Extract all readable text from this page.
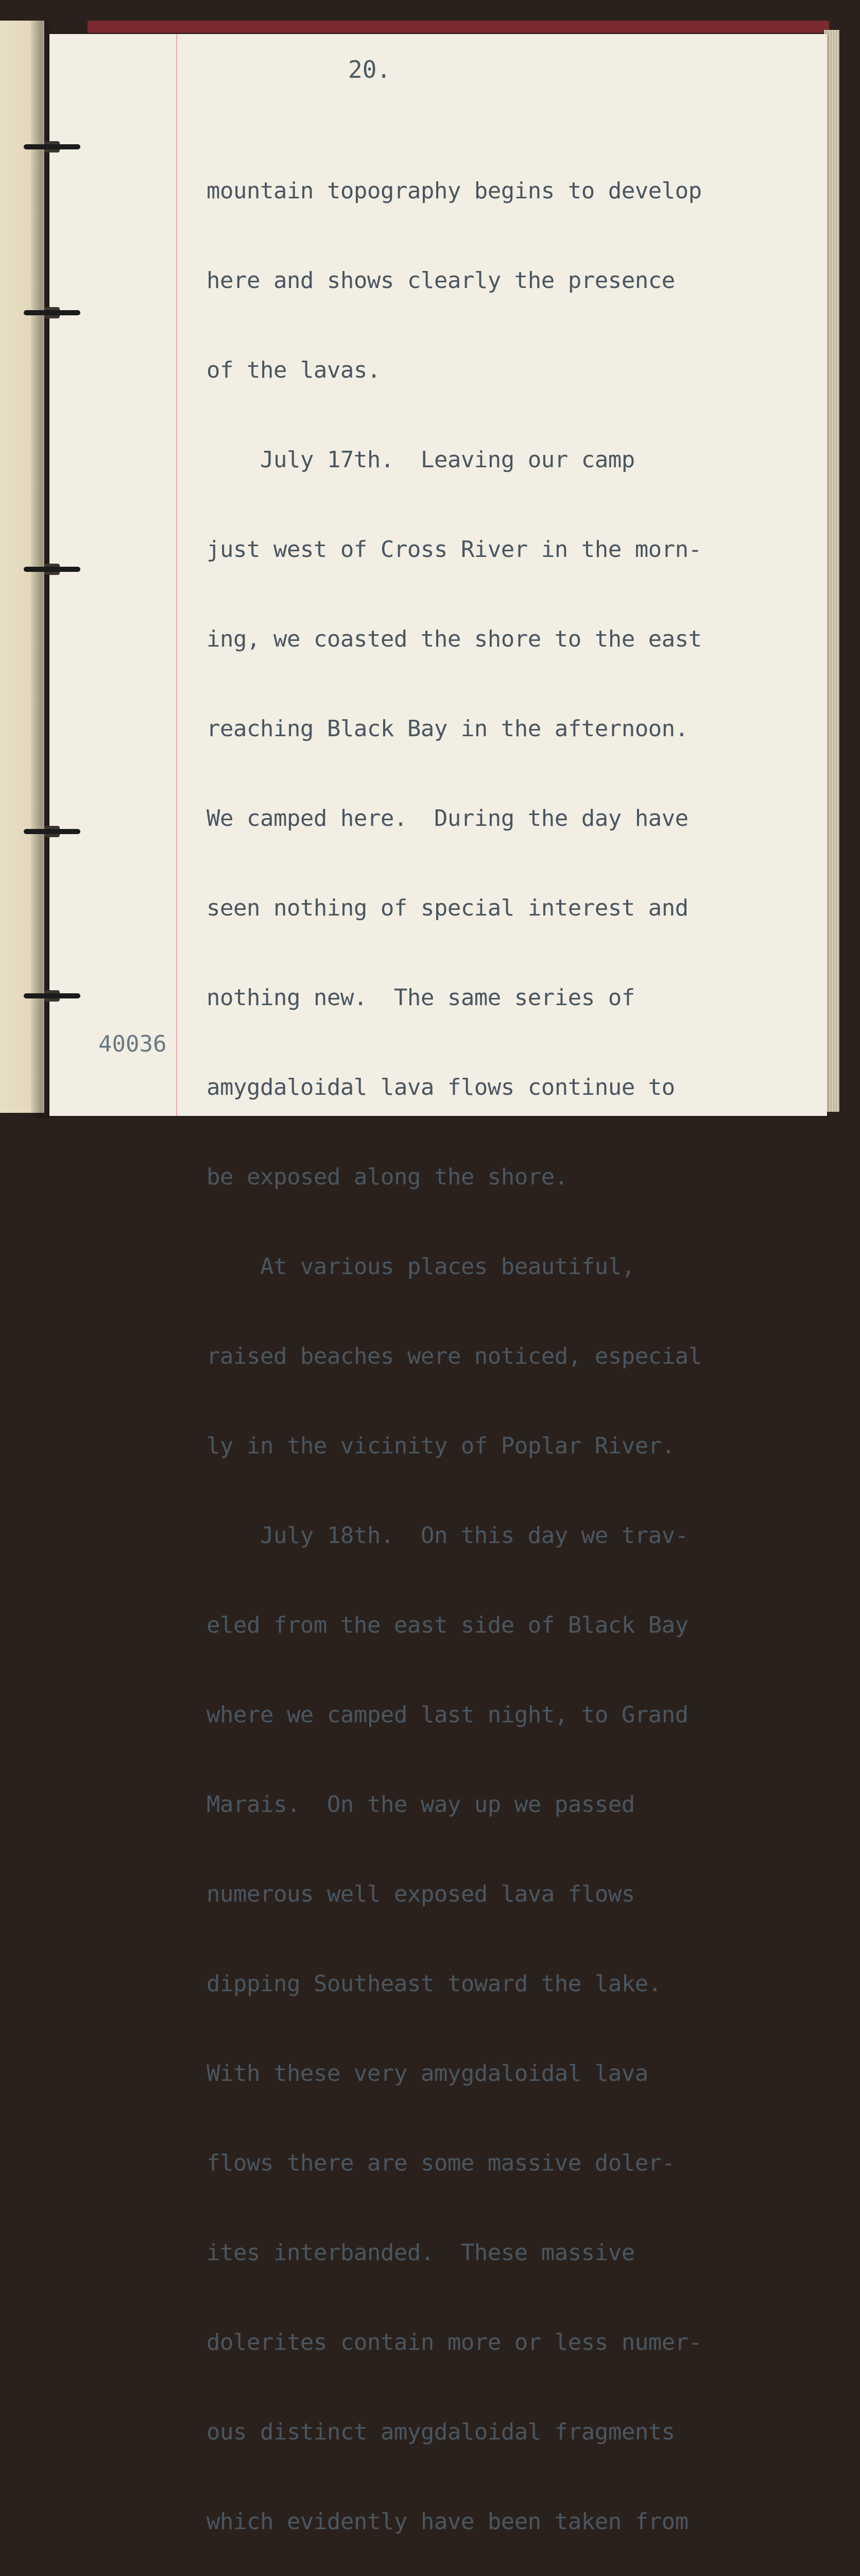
20.

mountain topography begins to develop

here and shows clearly the presence

of the lavas.

July 17th.  Leaving our camp

just west of Cross River in the morn-

ing, we coasted the shore to the east

reaching Black Bay in the afternoon.

We camped here.  During the day have

seen nothing of special interest and

nothing new.  The same series of

amygdaloidal lava flows continue to

be exposed along the shore.

At various places beautiful,

raised beaches were noticed, especial

ly in the vicinity of Poplar River.

July 18th.  On this day we trav-

eled from the east side of Black Bay

where we camped last night, to Grand

Marais.  On the way up we passed

numerous well exposed lava flows

dipping Southeast toward the lake.

With these very amygdaloidal lava

flows there are some massive doler-

ites interbanded.  These massive

dolerites contain more or less numer-

ous distinct amygdaloidal fragments

which evidently have been taken from

40036
